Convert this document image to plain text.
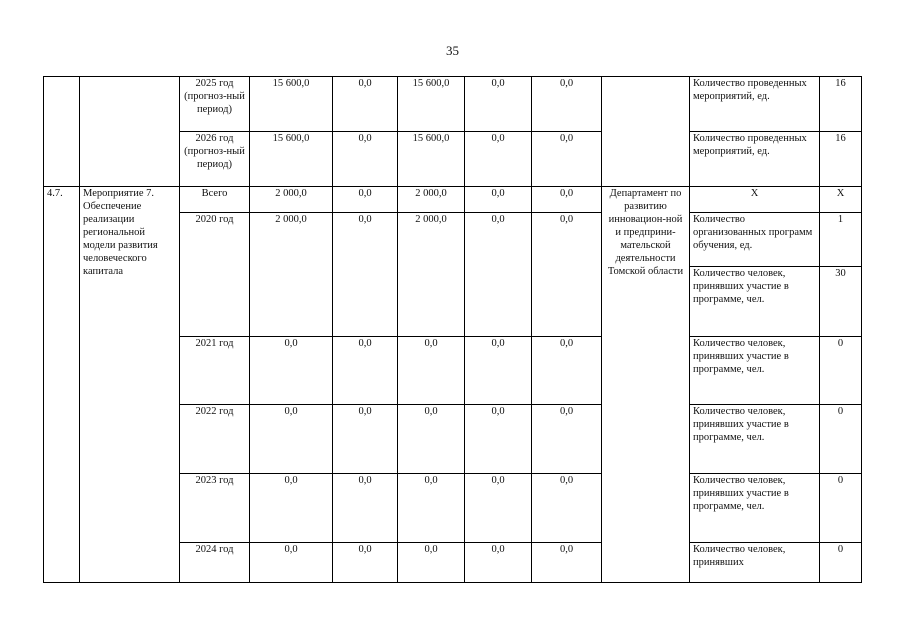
35
		2025 год (прогноз-ный период)	15 600,0	0,0	15 600,0	0,0	0,0		Количество проведенных мероприятий, ед.	16
		2026 год (прогноз-ный период)	15 600,0	0,0	15 600,0	0,0	0,0		Количество проведенных мероприятий, ед.	16
4.7.	Мероприятие 7. Обеспечение реализации региональной модели развития человеческого капитала	Всего	2 000,0	0,0	2 000,0	0,0	0,0	Департамент по развитию инновацион-ной и предприни-мательской деятельности Томской области	Х	Х
		2020 год	2 000,0	0,0	2 000,0	0,0	0,0		Количество организованных программ обучения, ед.	1
									Количество человек, принявших участие в программе, чел.	30
		2021 год	0,0	0,0	0,0	0,0	0,0		Количество человек, принявших участие в программе, чел.	0
		2022 год	0,0	0,0	0,0	0,0	0,0		Количество человек, принявших участие в программе, чел.	0
		2023 год	0,0	0,0	0,0	0,0	0,0		Количество человек, принявших участие в программе, чел.	0
		2024 год	0,0	0,0	0,0	0,0	0,0		Количество человек, принявших	0
